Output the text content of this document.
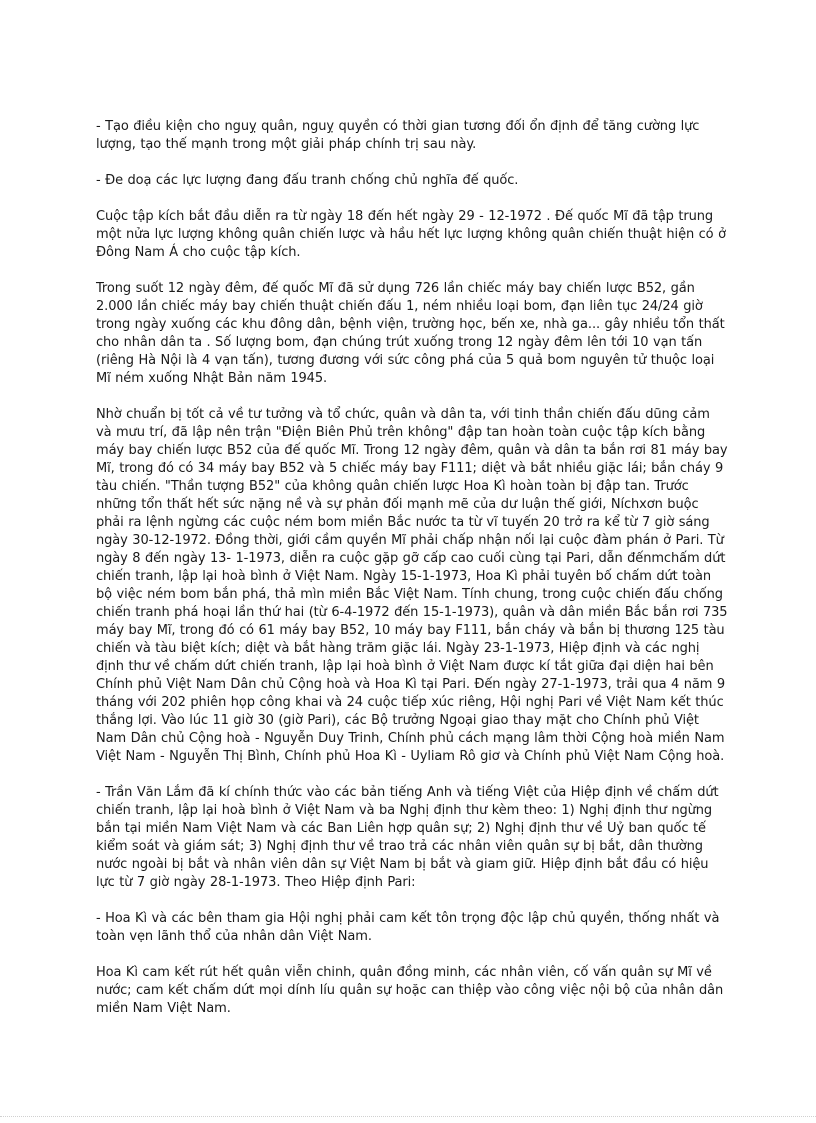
- Tạo điều kiện cho nguỵ quân, nguỵ quyền có thời gian tương đối ổn định để tăng cường lực lượng, tạo thế mạnh trong một giải pháp chính trị sau này.

- Đe doạ các lực lượng đang đấu tranh chống chủ nghĩa đế quốc.

Cuộc tập kích bắt đầu diễn ra từ ngày 18 đến hết ngày 29 - 12-1972 . Đế quốc Mĩ đã tập trung một nửa lực lượng không quân chiến lược và hầu hết lực lượng không quân chiến thuật hiện có ở Đông Nam Á cho cuộc tập kích.

Trong suốt 12 ngày đêm, đế quốc Mĩ đã sử dụng 726 lần chiếc máy bay chiến lược B52, gần 2.000 lần chiếc máy bay chiến thuật chiến đấu 1, ném nhiều loại bom, đạn liên tục 24/24 giờ trong ngày xuống các khu đông dân, bệnh viện, trường học, bến xe, nhà ga... gây nhiều tổn thất cho nhân dân ta . Số lượng bom, đạn chúng trút xuống trong 12 ngày đêm lên tới 10 vạn tấn (riêng Hà Nội là 4 vạn tấn), tương đương với sức công phá của 5 quả bom nguyên tử thuộc loại Mĩ ném xuống Nhật Bản năm 1945.

Nhờ chuẩn bị tốt cả về tư tưởng và tổ chức, quân và dân ta, với tinh thần chiến đấu dũng cảm và mưu trí, đã lập nên trận "Điện Biên Phủ trên không" đập tan hoàn toàn cuộc tập kích bằng máy bay chiến lược B52 của đế quốc Mĩ. Trong 12 ngày đêm, quân và dân ta bắn rơi 81 máy bay Mĩ, trong đó có 34 máy bay B52 và 5 chiếc máy bay F111; diệt và bắt nhiều giặc lái; bắn cháy 9 tàu chiến. "Thần tượng B52" của không quân chiến lược Hoa Kì hoàn toàn bị đập tan. Trước những tổn thất hết sức nặng nề và sự phản đối mạnh mẽ của dư luận thế giới, Níchxơn buộc phải ra lệnh ngừng các cuộc ném bom miền Bắc nước ta từ vĩ tuyến 20 trở ra kể từ 7 giờ sáng ngày 30-12-1972. Đồng thời, giới cầm quyền Mĩ phải chấp nhận nối lại cuộc đàm phán ở Pari. Từ ngày 8 đến ngày 13- 1-1973, diễn ra cuộc gặp gỡ cấp cao cuối cùng tại Pari, dẫn đếnmchấm dứt chiến tranh, lập lại hoà bình ở Việt Nam. Ngày 15-1-1973, Hoa Kì phải tuyên bố chấm dứt toàn bộ việc ném bom bắn phá, thả mìn miền Bắc Việt Nam. Tính chung, trong cuộc chiến đấu chống chiến tranh phá hoại lần thứ hai (từ 6-4-1972 đến 15-1-1973), quân và dân miền Bắc bắn rơi 735 máy bay Mĩ, trong đó có 61 máy bay B52, 10 máy bay F111, bắn cháy và bắn bị thương 125 tàu chiến và tàu biệt kích; diệt và bắt hàng trăm giặc lái. Ngày 23-1-1973, Hiệp định và các nghị định thư về chấm dứt chiến tranh, lập lại hoà bình ở Việt Nam được kí tắt giữa đại diện hai bên Chính phủ Việt Nam Dân chủ Cộng hoà và Hoa Kì tại Pari. Đến ngày 27-1-1973, trải qua 4 năm 9 tháng với 202 phiên họp công khai và 24 cuộc tiếp xúc riêng, Hội nghị Pari về Việt Nam kết thúc thắng lợi. Vào lúc 11 giờ 30 (giờ Pari), các Bộ trưởng Ngoại giao thay mặt cho Chính phủ Việt Nam Dân chủ Cộng hoà - Nguyễn Duy Trinh, Chính phủ cách mạng lâm thời Cộng hoà miền Nam Việt Nam - Nguyễn Thị Bình, Chính phủ Hoa Kì - Uyliam Rô giơ và Chính phủ Việt Nam Cộng hoà.

- Trần Văn Lắm đã kí chính thức vào các bản tiếng Anh và tiếng Việt của Hiệp định về chấm dứt chiến tranh, lập lại hoà bình ở Việt Nam và ba Nghị định thư kèm theo: 1) Nghị định thư ngừng bắn tại miền Nam Việt Nam và các Ban Liên hợp quân sự; 2) Nghị định thư về Uỷ ban quốc tế kiểm soát và giám sát; 3) Nghị định thư về trao trả các nhân viên quân sự bị bắt, dân thường nước ngoài bị bắt và nhân viên dân sự Việt Nam bị bắt và giam giữ. Hiệp định bắt đầu có hiệu lực từ 7 giờ ngày 28-1-1973. Theo Hiệp định Pari:

- Hoa Kì và các bên tham gia Hội nghị phải cam kết tôn trọng độc lập chủ quyền, thống nhất và toàn vẹn lãnh thổ của nhân dân Việt Nam.

Hoa Kì cam kết rút hết quân viễn chinh, quân đồng minh, các nhân viên, cố vấn quân sự Mĩ về nước; cam kết chấm dứt mọi dính líu quân sự hoặc can thiệp vào công việc nội bộ của nhân dân miền Nam Việt Nam.
